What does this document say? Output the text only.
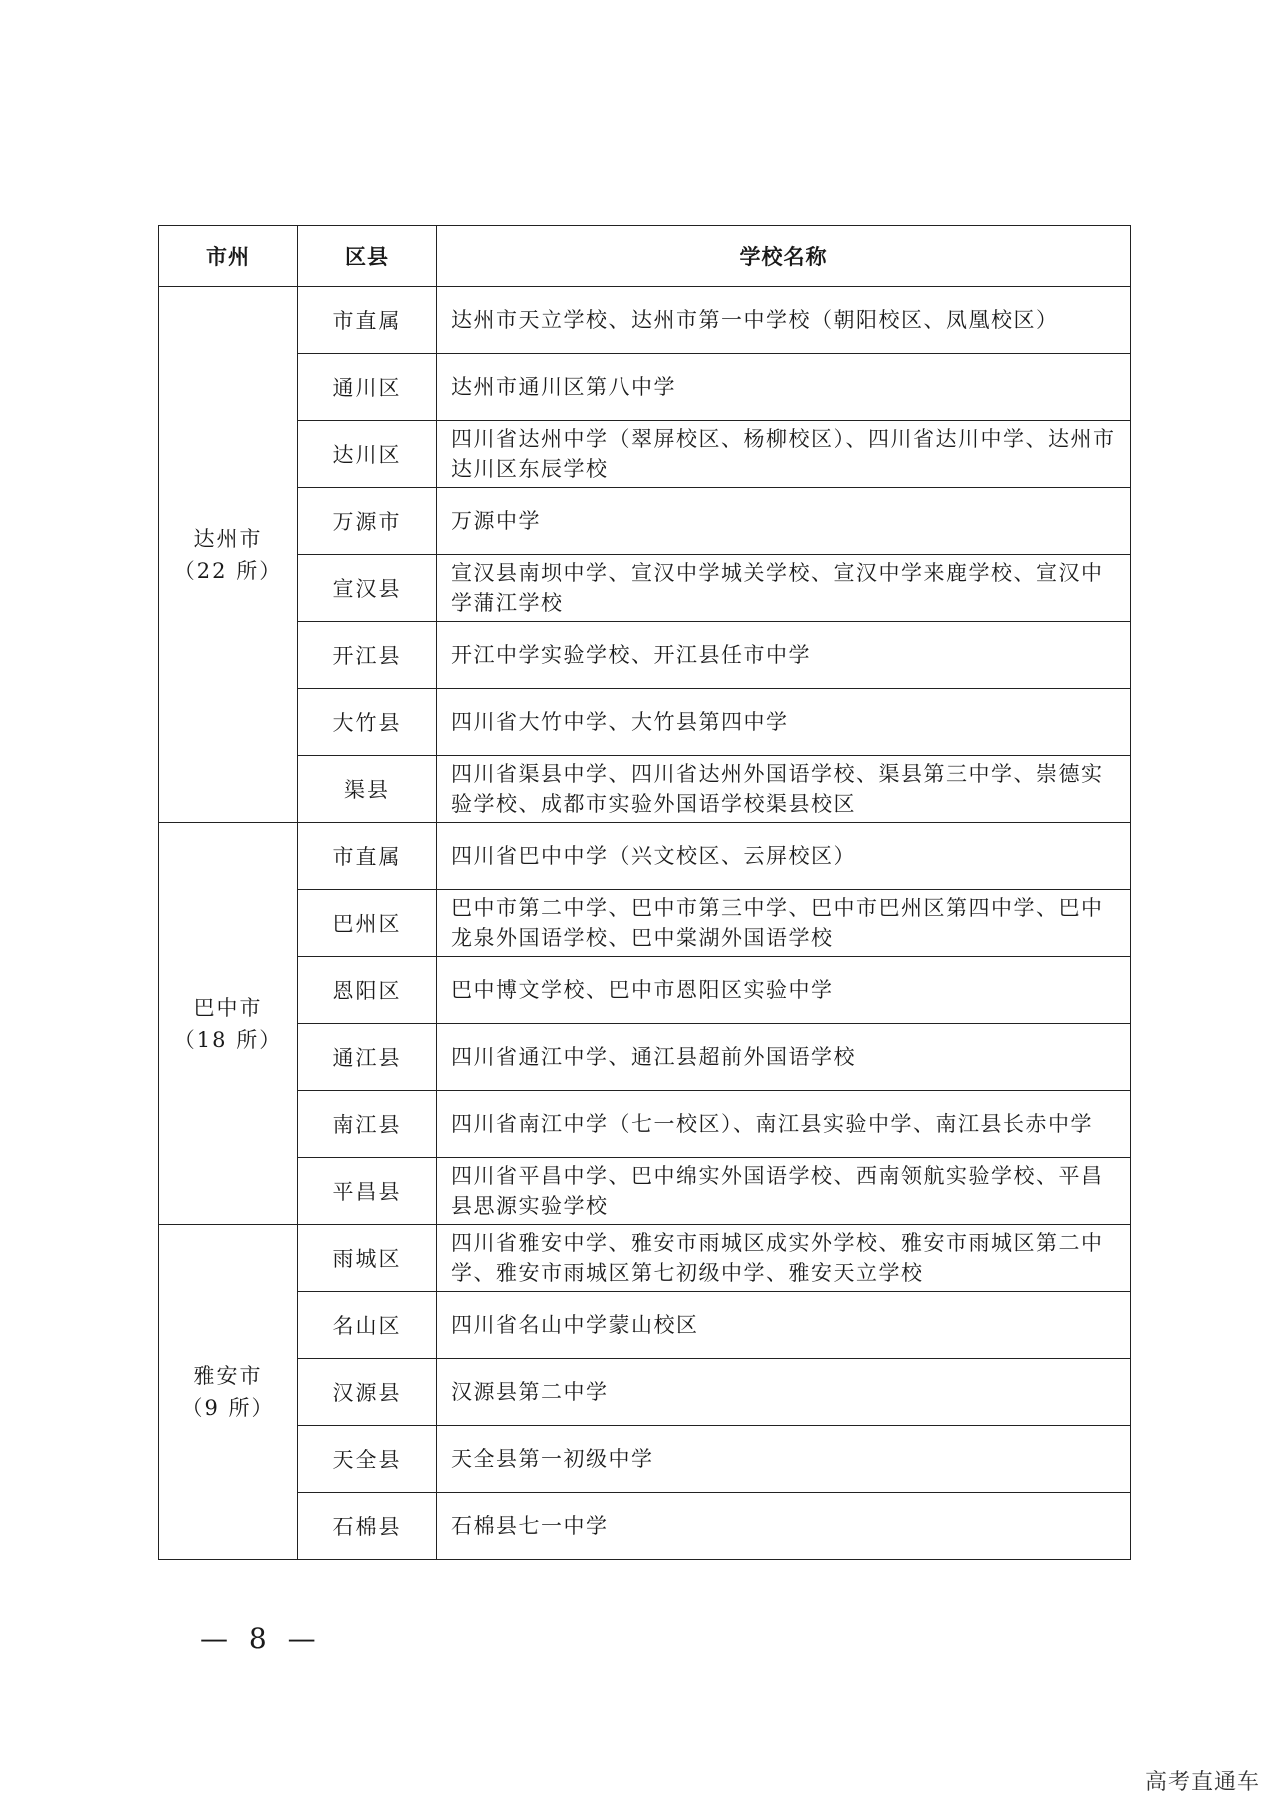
市州	区县	学校名称

达州市
（22 所）	市直属	达州市天立学校、达州市第一中学校（朝阳校区、凤凰校区）
	通川区	达州市通川区第八中学
	达川区	四川省达州中学（翠屏校区、杨柳校区）、四川省达川中学、达州市达川区东辰学校
	万源市	万源中学
	宣汉县	宣汉县南坝中学、宣汉中学城关学校、宣汉中学来鹿学校、宣汉中学蒲江学校
	开江县	开江中学实验学校、开江县任市中学
	大竹县	四川省大竹中学、大竹县第四中学
	渠县	四川省渠县中学、四川省达州外国语学校、渠县第三中学、崇德实验学校、成都市实验外国语学校渠县校区

巴中市
（18 所）	市直属	四川省巴中中学（兴文校区、云屏校区）
	巴州区	巴中市第二中学、巴中市第三中学、巴中市巴州区第四中学、巴中龙泉外国语学校、巴中棠湖外国语学校
	恩阳区	巴中博文学校、巴中市恩阳区实验中学
	通江县	四川省通江中学、通江县超前外国语学校
	南江县	四川省南江中学（七一校区）、南江县实验中学、南江县长赤中学
	平昌县	四川省平昌中学、巴中绵实外国语学校、西南领航实验学校、平昌县思源实验学校

雅安市
（9 所）	雨城区	四川省雅安中学、雅安市雨城区成实外学校、雅安市雨城区第二中学、雅安市雨城区第七初级中学、雅安天立学校
	名山区	四川省名山中学蒙山校区
	汉源县	汉源县第二中学
	天全县	天全县第一初级中学
	石棉县	石棉县七一中学
— 8 —
高考直通车
